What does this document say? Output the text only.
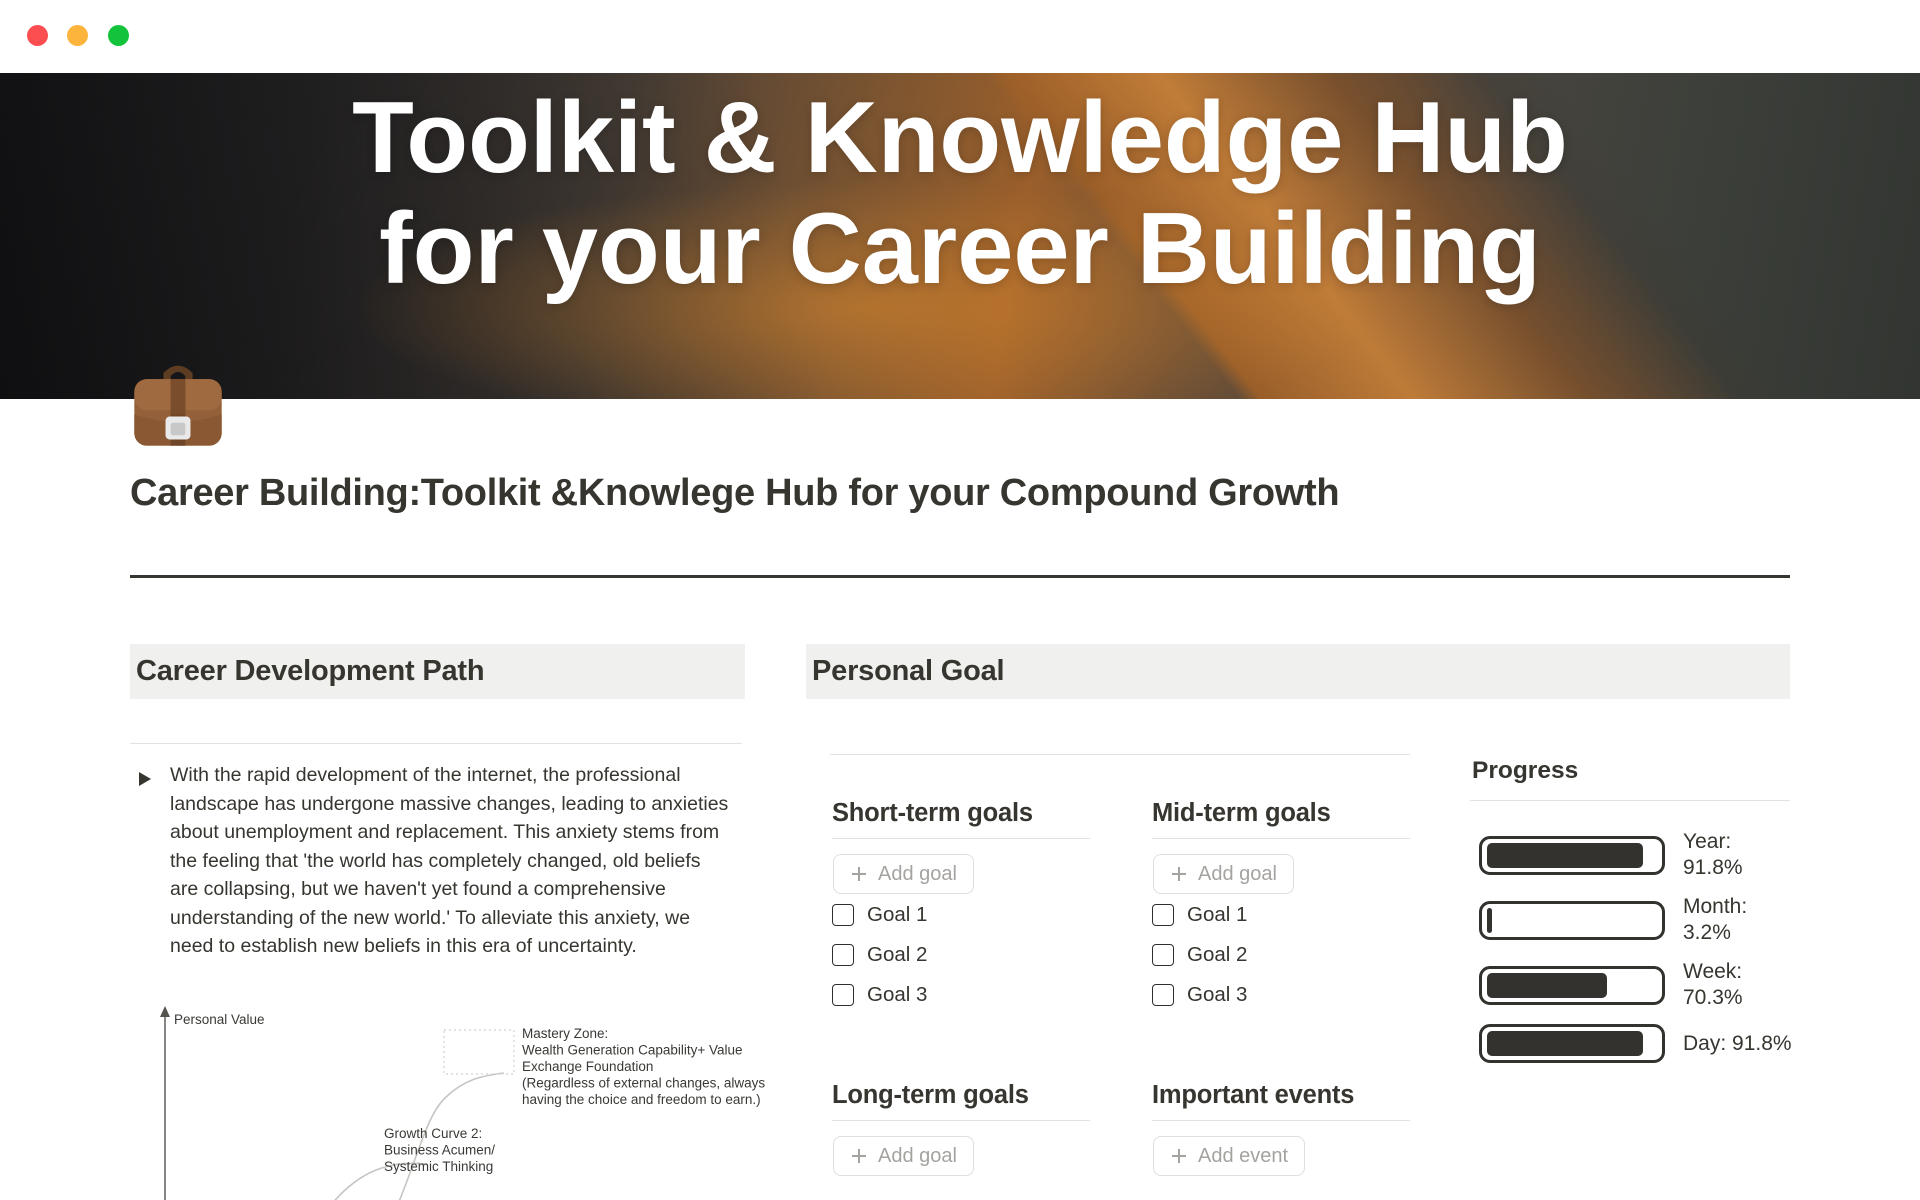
Toolkit & Knowledge Hub
for your Career Building
Career Building:Toolkit &Knowlege Hub for your Compound Growth
Career Development Path	Personal Goal
With the rapid development of the internet, the professional landscape has undergone massive changes, leading to anxieties about unemployment and replacement. This anxiety stems from the feeling that 'the world has completely changed, old beliefs are collapsing, but we haven't yet found a comprehensive understanding of the new world.' To alleviate this anxiety, we need to establish new beliefs in this era of uncertainty.
Personal Value
Mastery Zone:
Wealth Generation Capability+ Value
Exchange Foundation
(Regardless of external changes, always
having the choice and freedom to earn.)
Growth Curve 2:
Business Acumen/
Systemic Thinking
Short-term goals
Add goal
Goal 1
Goal 2
Goal 3
Mid-term goals
Add goal
Goal 1
Goal 2
Goal 3
Long-term goals
Add goal
Important events
Add event
Progress
Year: 91.8%
Month:
3.2%
Week:
70.3%
Day: 91.8%
